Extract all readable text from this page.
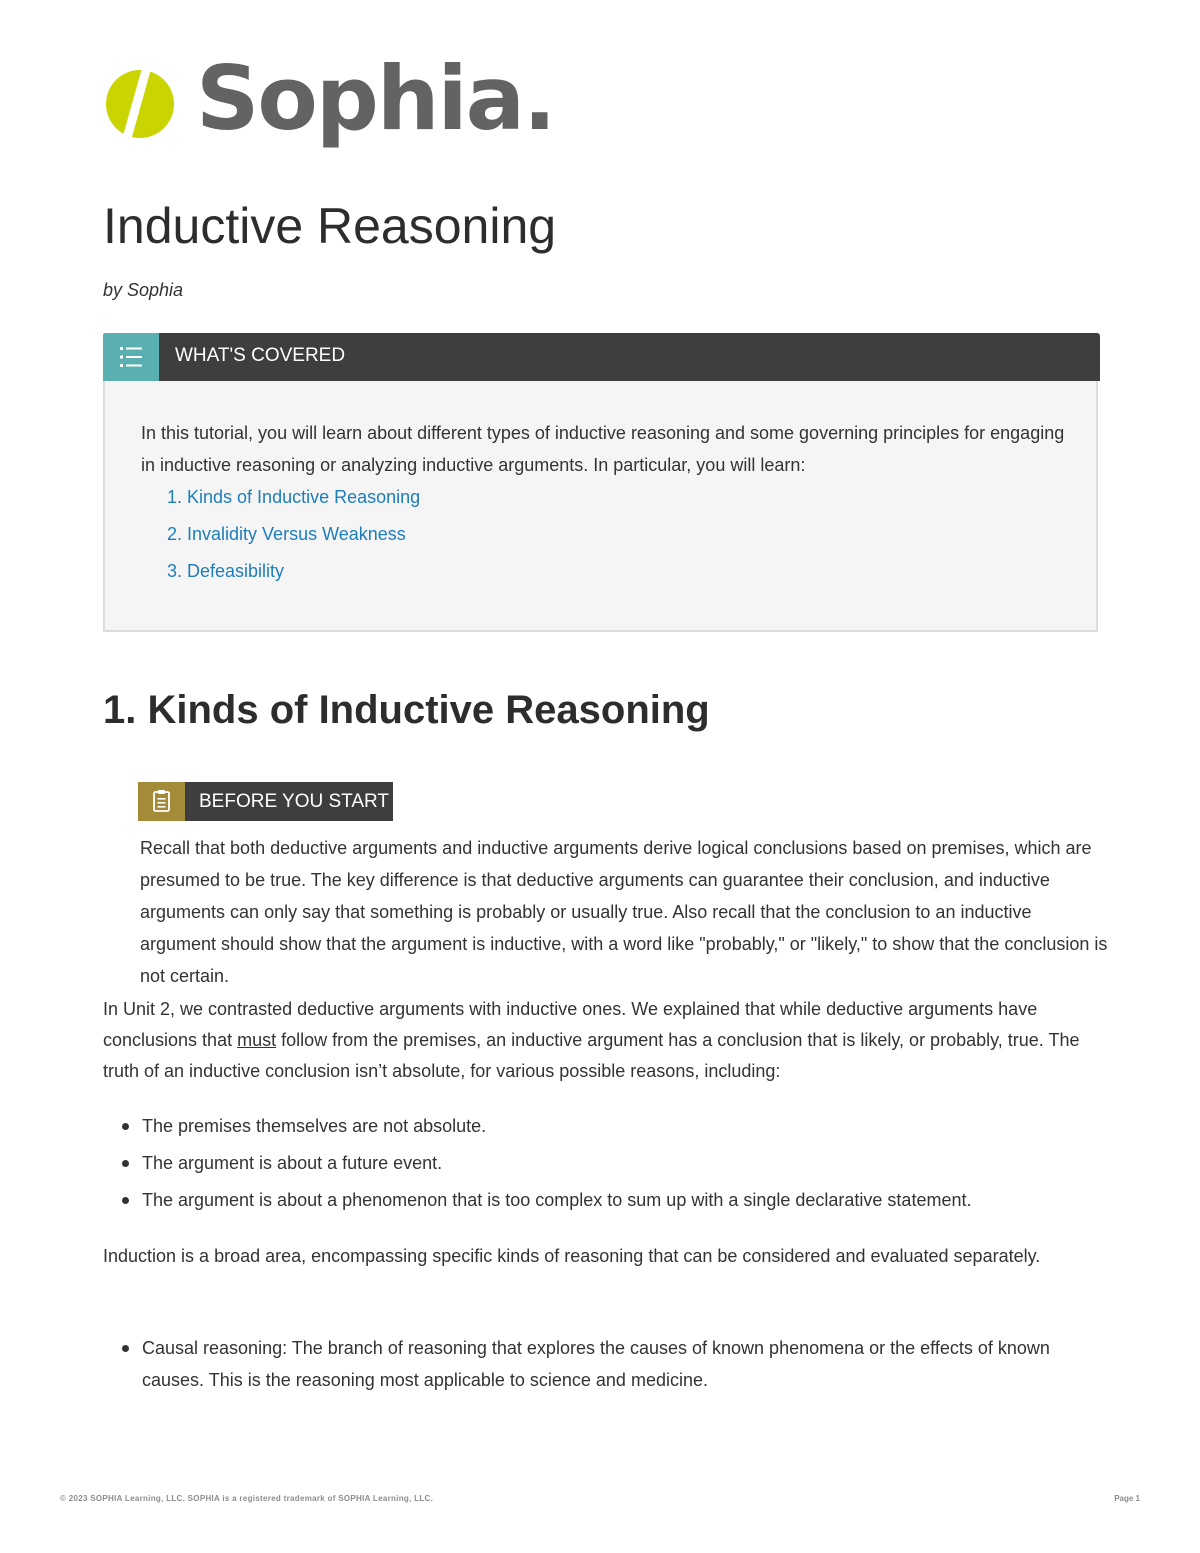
Sophia.
Inductive Reasoning
by Sophia
WHAT'S COVERED
In this tutorial, you will learn about different types of inductive reasoning and some governing principles for engaging in inductive reasoning or analyzing inductive arguments. In particular, you will learn:
1. Kinds of Inductive Reasoning
2. Invalidity Versus Weakness
3. Defeasibility
1. Kinds of Inductive Reasoning
BEFORE YOU START
Recall that both deductive arguments and inductive arguments derive logical conclusions based on premises, which are presumed to be true. The key difference is that deductive arguments can guarantee their conclusion, and inductive arguments can only say that something is probably or usually true. Also recall that the conclusion to an inductive argument should show that the argument is inductive, with a word like "probably," or "likely," to show that the conclusion is not certain.
In Unit 2, we contrasted deductive arguments with inductive ones. We explained that while deductive arguments have conclusions that must follow from the premises, an inductive argument has a conclusion that is likely, or probably, true. The truth of an inductive conclusion isn’t absolute, for various possible reasons, including:
The premises themselves are not absolute.
The argument is about a future event.
The argument is about a phenomenon that is too complex to sum up with a single declarative statement.
Induction is a broad area, encompassing specific kinds of reasoning that can be considered and evaluated separately.
Causal reasoning: The branch of reasoning that explores the causes of known phenomena or the effects of known causes. This is the reasoning most applicable to science and medicine.
© 2023 SOPHIA Learning, LLC. SOPHIA is a registered trademark of SOPHIA Learning, LLC.	Page 1
